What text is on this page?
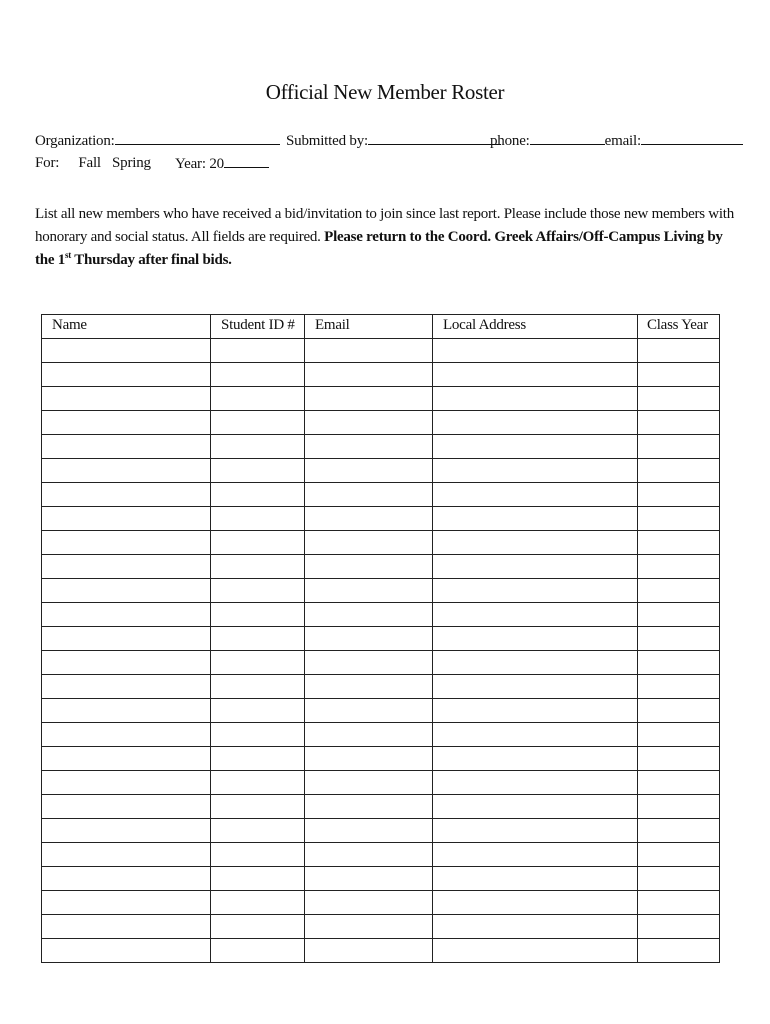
Official New Member Roster
Organization:	Submitted by:	phone:	email:
For: Fall Spring Year: 20
List all new members who have received a bid/invitation to join since last report. Please include those new members with honorary and social status. All fields are required. Please return to the Coord. Greek Affairs/Off-Campus Living by the 1st Thursday after final bids.
Name	Student ID #	Email	Local Address	Class Year
